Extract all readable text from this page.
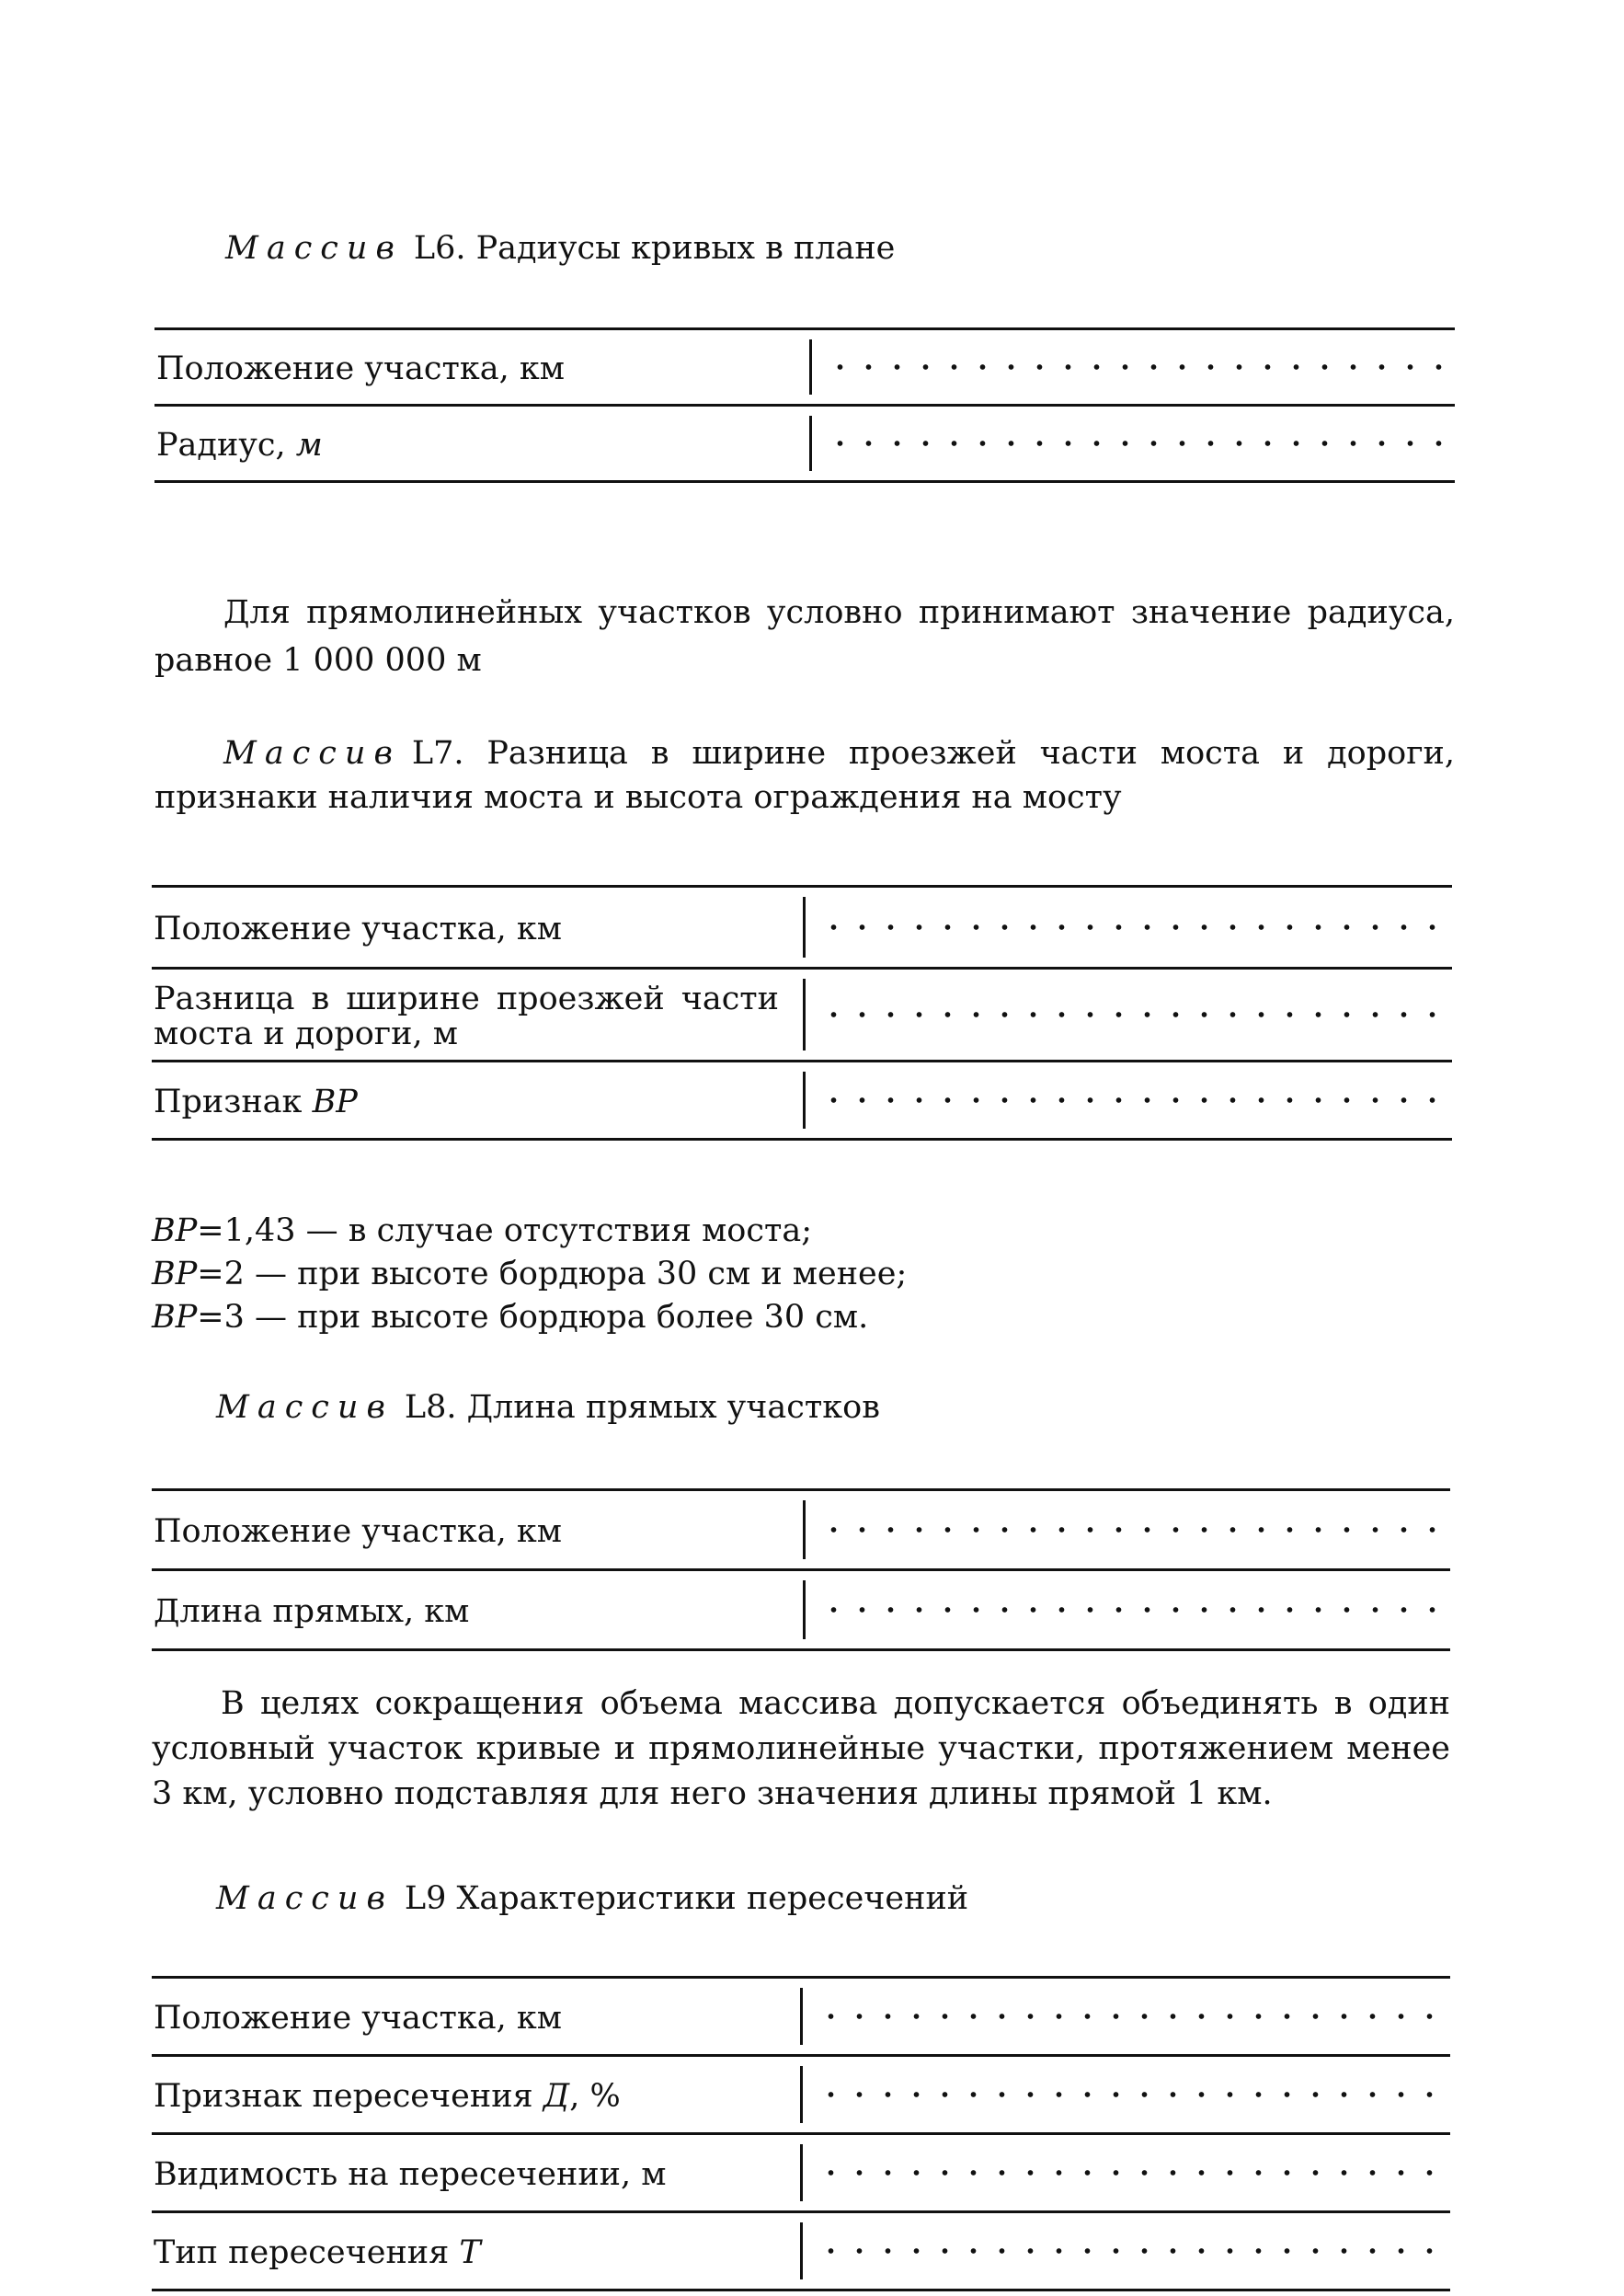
Массив L6. Радиусы кривых в плане
Положение участка, км
Радиус,
м
Для прямолинейных участков условно принимают значение радиуса, равное 1 000 000 м
Массив L7. Разница в ширине проезжей части моста и дороги, признаки наличия моста и высота ограждения на мосту
Положение участка, км
Разница в ширине проезжей части моста и дороги, м
Признак
BP
BP=1,43 — в случае отсутствия моста;
BP=2 — при высоте бордюра 30 см и менее;
BP=3 — при высоте бордюра более 30 см.
Массив L8. Длина прямых участков
Положение участка, км
Длина прямых, км
В целях сокращения объема массива допускается объединять в один условный участок кривые и прямолинейные участки, протяжением менее 3 км, условно подставляя для него значения длины прямой 1 км.
Массив L9 Характеристики пересечений
Положение участка, км
Признак пересечения
Д , %
Видимость на пересечении, м
Тип пересечения
T
